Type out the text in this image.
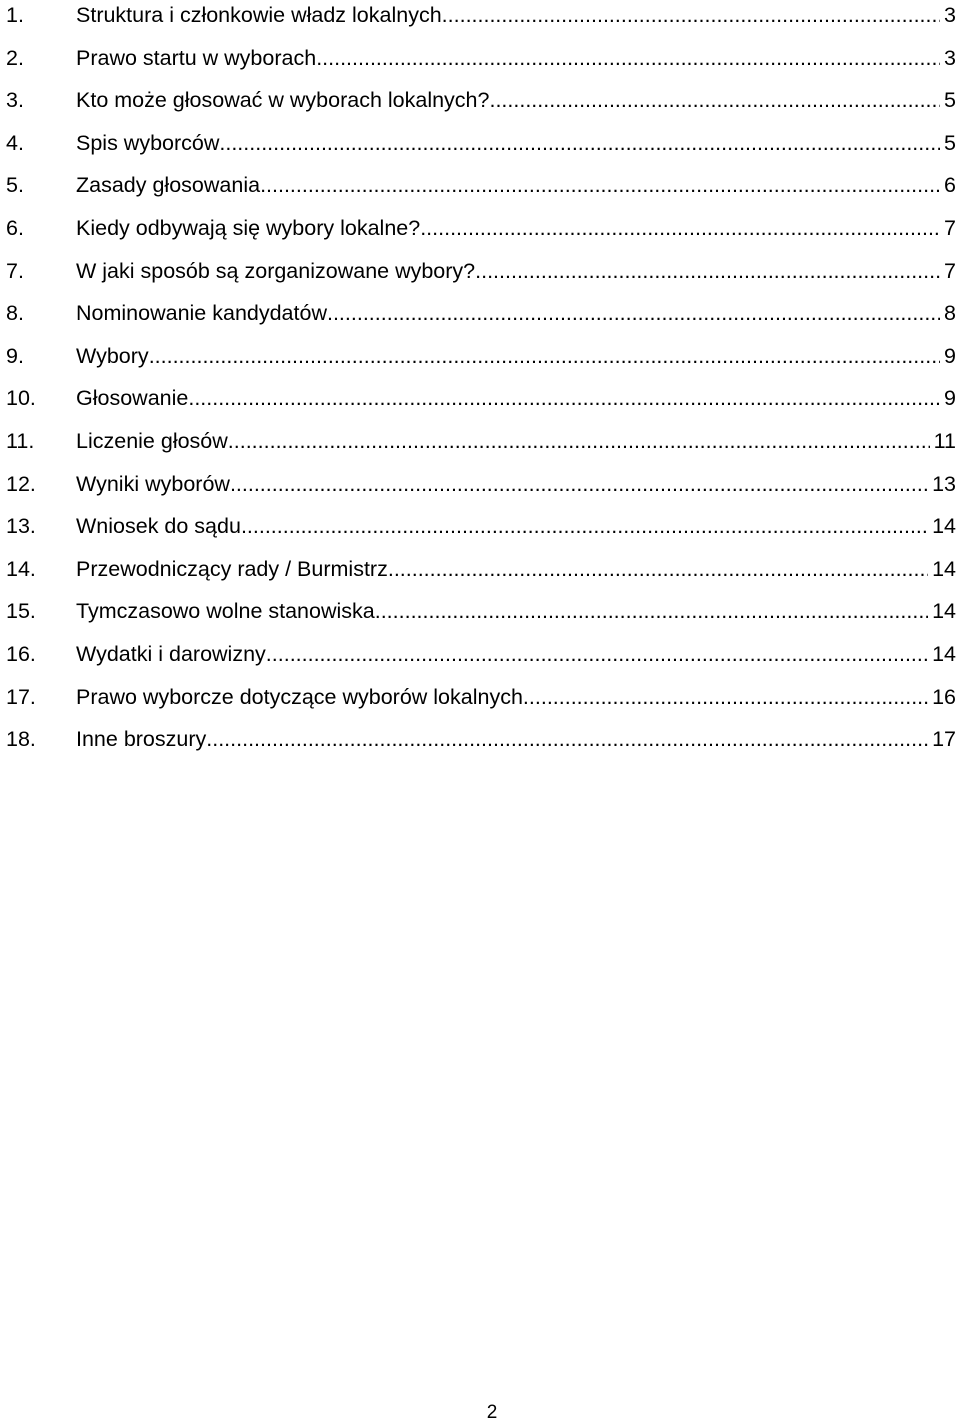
1.	Struktura i członkowie władz lokalnych .....	3
2.	Prawo startu w wyborach .....	3
3.	Kto może głosować w wyborach lokalnych? .....	5
4.	Spis wyborców .....	5
5.	Zasady głosowania .....	6
6.	Kiedy odbywają się wybory lokalne? .....	7
7.	W jaki sposób są zorganizowane wybory? .....	7
8.	Nominowanie kandydatów .....	8
9.	Wybory .....	9
10.	Głosowanie .....	9
11.	Liczenie głosów .....	11
12.	Wyniki wyborów .....	13
13.	Wniosek do sądu .....	14
14.	Przewodniczący rady / Burmistrz .....	14
15.	Tymczasowo wolne stanowiska .....	14
16.	Wydatki i darowizny .....	14
17.	Prawo wyborcze dotyczące wyborów lokalnych .....	16
18.	Inne broszury .....	17
2
